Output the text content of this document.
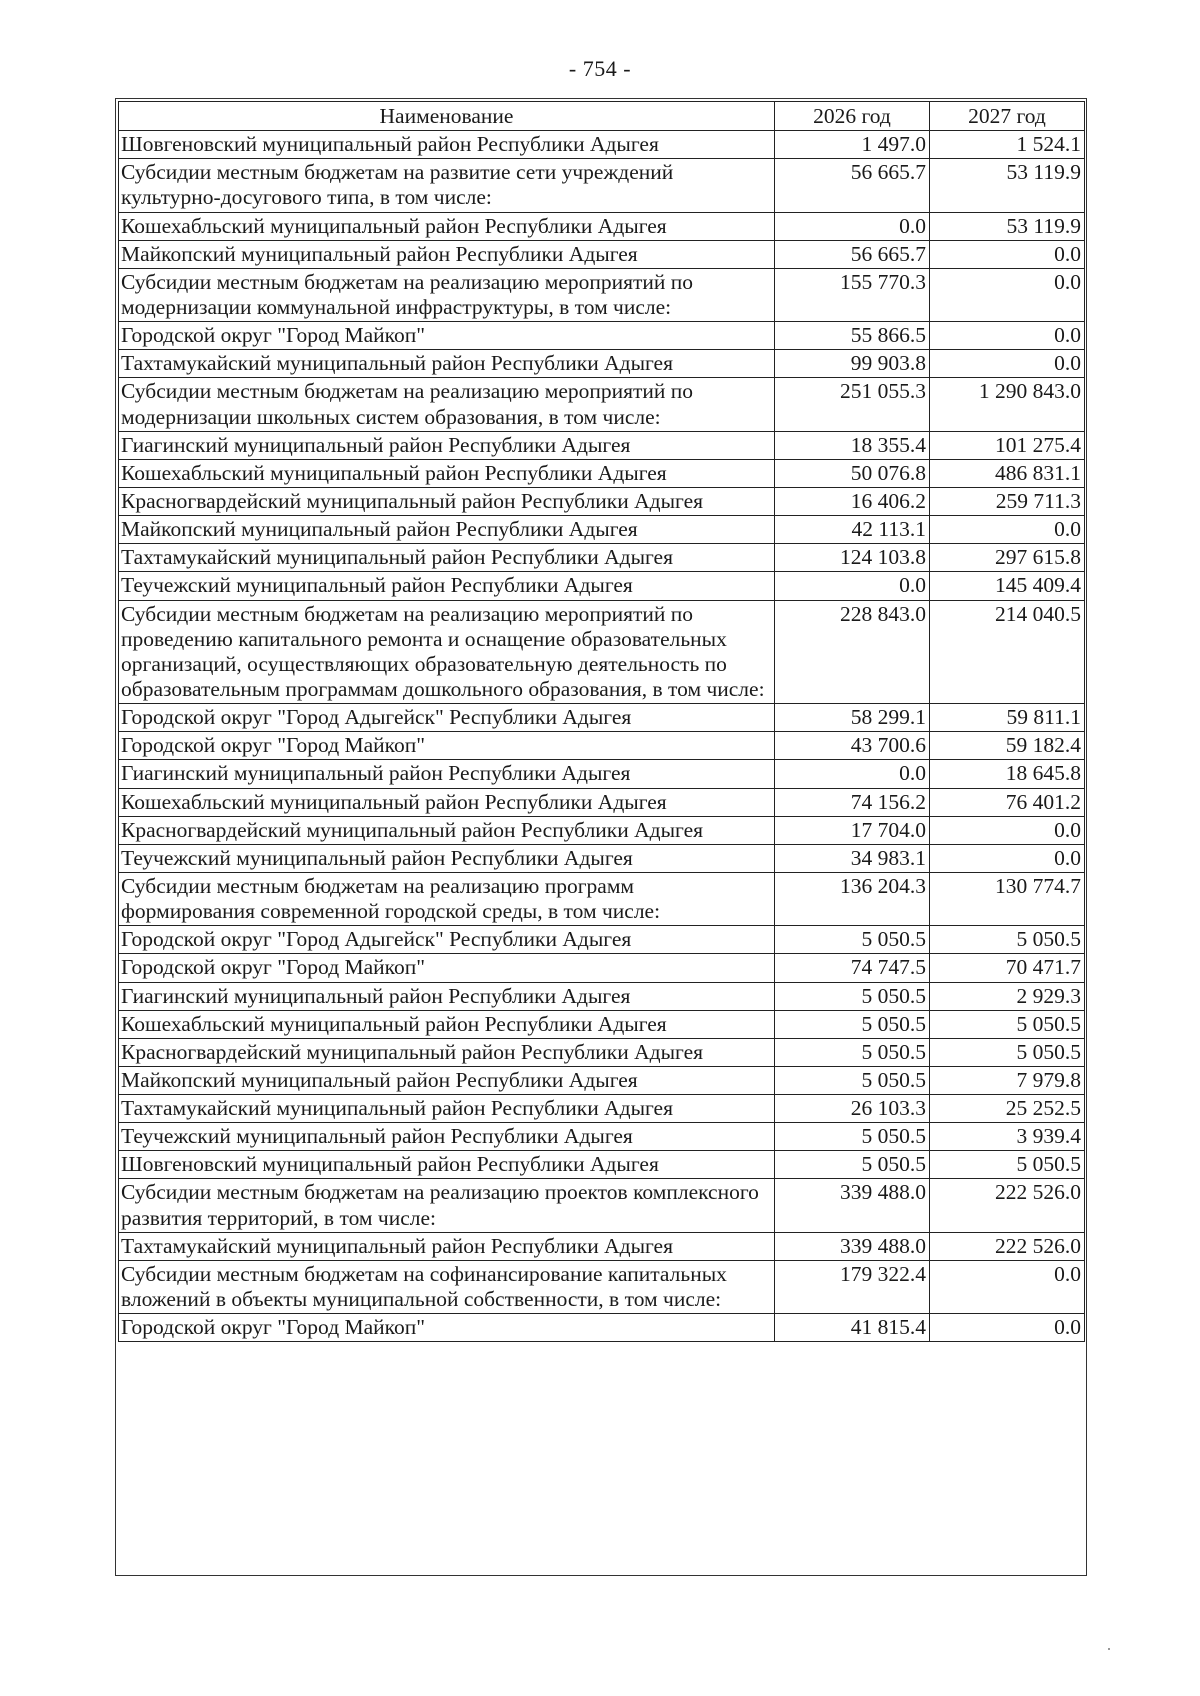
- 754 -
Наименование	2026 год	2027 год
Шовгеновский муниципальный район Республики Адыгея	1 497.0	1 524.1
Субсидии местным бюджетам на развитие сети учреждений культурно-досугового типа, в том числе:	56 665.7	53 119.9
Кошехабльский муниципальный район Республики Адыгея	0.0	53 119.9
Майкопский муниципальный район Республики Адыгея	56 665.7	0.0
Субсидии местным бюджетам на реализацию мероприятий по модернизации коммунальной инфраструктуры, в том числе:	155 770.3	0.0
Городской округ "Город Майкоп"	55 866.5	0.0
Тахтамукайский муниципальный район Республики Адыгея	99 903.8	0.0
Субсидии местным бюджетам на реализацию мероприятий по модернизации школьных систем образования, в том числе:	251 055.3	1 290 843.0
Гиагинский муниципальный район Республики Адыгея	18 355.4	101 275.4
Кошехабльский муниципальный район Республики Адыгея	50 076.8	486 831.1
Красногвардейский муниципальный район Республики Адыгея	16 406.2	259 711.3
Майкопский муниципальный район Республики Адыгея	42 113.1	0.0
Тахтамукайский муниципальный район Республики Адыгея	124 103.8	297 615.8
Теучежский муниципальный район Республики Адыгея	0.0	145 409.4
Субсидии местным бюджетам на реализацию мероприятий по проведению капитального ремонта и оснащение образовательных организаций, осуществляющих образовательную деятельность по образовательным программам дошкольного образования, в том числе:	228 843.0	214 040.5
Городской округ "Город Адыгейск" Республики Адыгея	58 299.1	59 811.1
Городской округ "Город Майкоп"	43 700.6	59 182.4
Гиагинский муниципальный район Республики Адыгея	0.0	18 645.8
Кошехабльский муниципальный район Республики Адыгея	74 156.2	76 401.2
Красногвардейский муниципальный район Республики Адыгея	17 704.0	0.0
Теучежский муниципальный район Республики Адыгея	34 983.1	0.0
Субсидии местным бюджетам на реализацию программ формирования современной городской среды, в том числе:	136 204.3	130 774.7
Городской округ "Город Адыгейск" Республики Адыгея	5 050.5	5 050.5
Городской округ "Город Майкоп"	74 747.5	70 471.7
Гиагинский муниципальный район Республики Адыгея	5 050.5	2 929.3
Кошехабльский муниципальный район Республики Адыгея	5 050.5	5 050.5
Красногвардейский муниципальный район Республики Адыгея	5 050.5	5 050.5
Майкопский муниципальный район Республики Адыгея	5 050.5	7 979.8
Тахтамукайский муниципальный район Республики Адыгея	26 103.3	25 252.5
Теучежский муниципальный район Республики Адыгея	5 050.5	3 939.4
Шовгеновский муниципальный район Республики Адыгея	5 050.5	5 050.5
Субсидии местным бюджетам на реализацию проектов комплексного развития территорий, в том числе:	339 488.0	222 526.0
Тахтамукайский муниципальный район Республики Адыгея	339 488.0	222 526.0
Субсидии местным бюджетам на софинансирование капитальных вложений в объекты муниципальной собственности, в том числе:	179 322.4	0.0
Городской округ "Город Майкоп"	41 815.4	0.0
